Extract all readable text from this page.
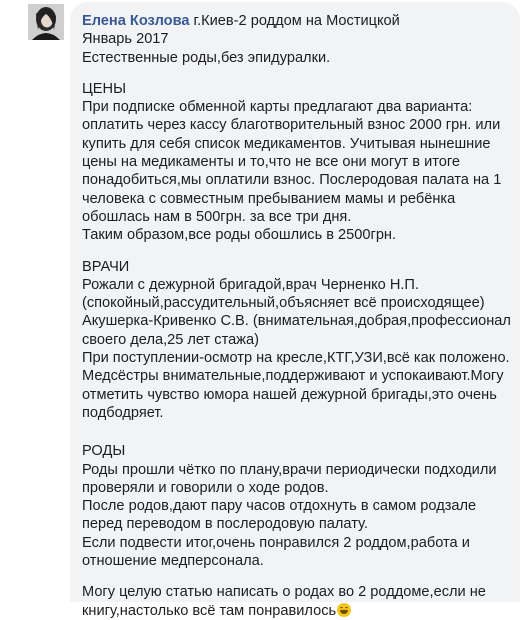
Елена Козлова г.Киев-2 роддом на Мостицкой
Январь 2017
Естественные роды,без эпидуралки.
ЦЕНЫ
При подписке обменной карты предлагают два варианта:
оплатить через кассу благотворительный взнос 2000 грн. или
купить для себя список медикаментов. Учитывая нынешние
цены на медикаменты и то,что не все они могут в итоге
понадобиться,мы оплатили взнос. Послеродовая палата на 1
человека с совместным пребыванием мамы и ребёнка
обошлась нам в 500грн. за все три дня.
Таким образом,все роды обошлись в 2500грн.
ВРАЧИ
Рожали с дежурной бригадой,врач Черненко Н.П.
(спокойный,рассудительный,объясняет всё происходящее)
Акушерка-Кривенко С.В. (внимательная,добрая,профессионал
своего дела,25 лет стажа)
При поступлении-осмотр на кресле,КТГ,УЗИ,всё как положено.
Медсёстры внимательные,поддерживают и успокаивают.Могу
отметить чувство юмора нашей дежурной бригады,это очень
подбодряет.
РОДЫ
Роды прошли чётко по плану,врачи периодически подходили
проверяли и говорили о ходе родов.
После родов,дают пару часов отдохнуть в самом родзале
перед переводом в послеродовую палату.
Если подвести итог,очень понравился 2 роддом,работа и
отношение медперсонала.
Могу целую статью написать о родах во 2 роддоме,если не
книгу,настолько всё там понравилось
